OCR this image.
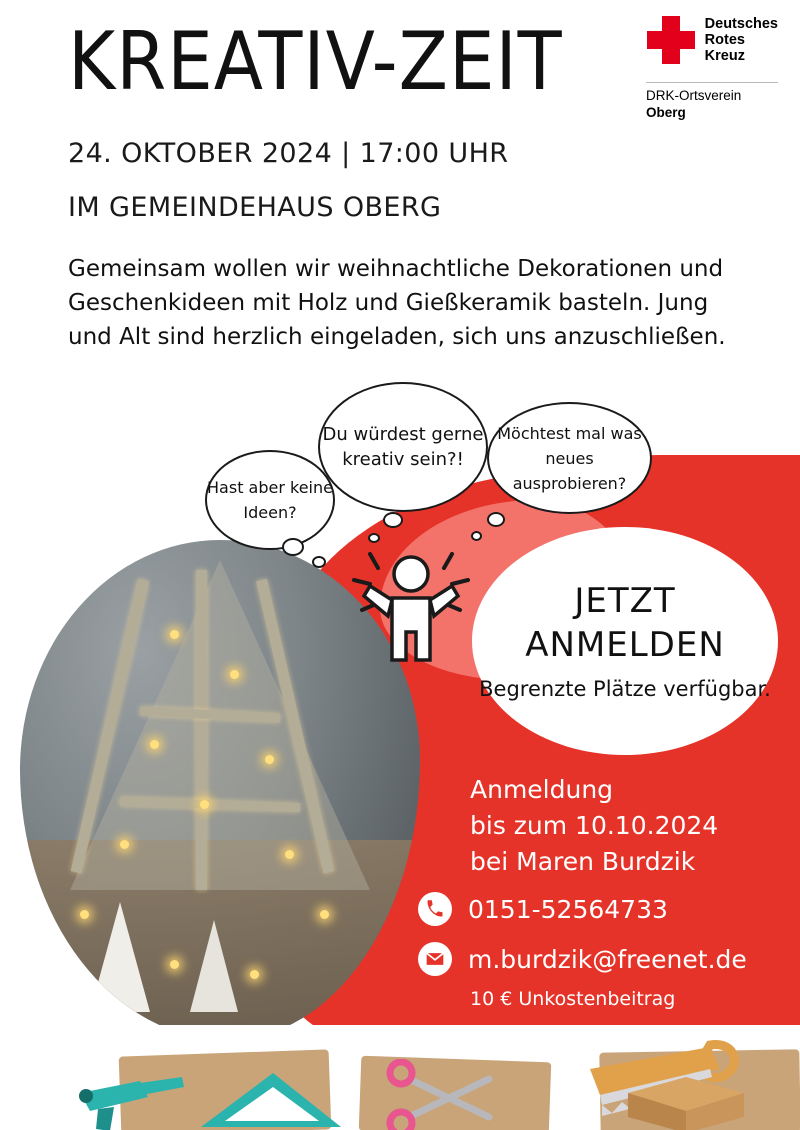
Deutsches
Rotes
Kreuz
DRK-Ortsverein
Oberg
KREATIV-ZEIT
24. OKTOBER 2024 | 17:00 UHR
IM GEMEINDEHAUS OBERG
Gemeinsam wollen wir weihnachtliche Dekorationen und Geschenkideen mit Holz und Gießkeramik basteln. Jung und Alt sind herzlich eingeladen, sich uns anzuschließen.
Hast aber keine Ideen?
Du würdest gerne kreativ sein?!
Möchtest mal was neues ausprobieren?
JETZT
ANMELDEN
Begrenzte Plätze verfügbar.
Anmeldung
bis zum 10.10.2024
bei Maren Burdzik
0151-52564733
m.burdzik@freenet.de
10 € Unkostenbeitrag
